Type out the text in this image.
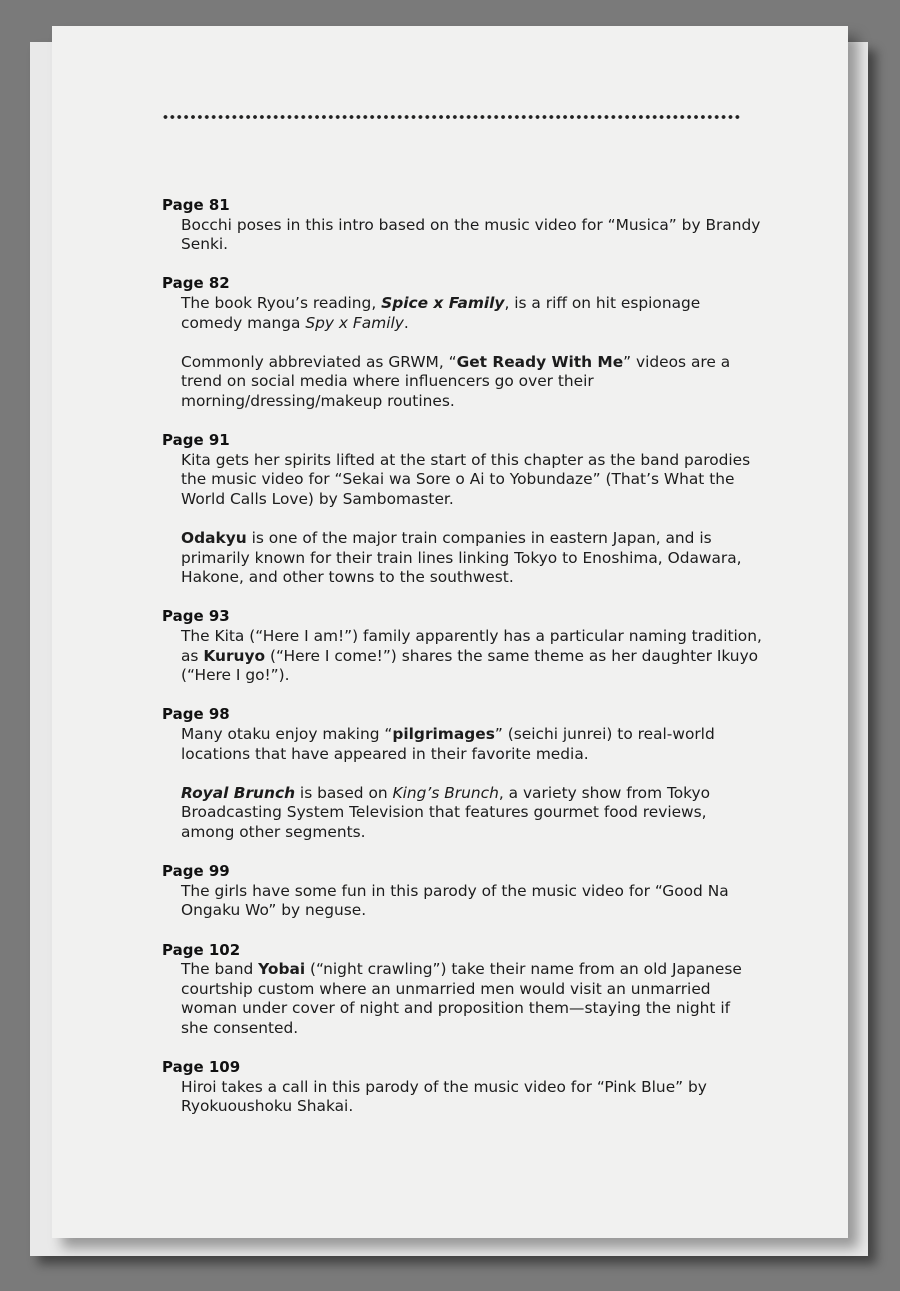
Page 81
Bocchi poses in this intro based on the music video for “Musica” by Brandy Senki.
Page 82
The book Ryou’s reading, Spice x Family, is a riff on hit espionage comedy manga Spy x Family.
Commonly abbreviated as GRWM, “Get Ready With Me” videos are a trend on social media where influencers go over their morning/dressing/makeup routines.
Page 91
Kita gets her spirits lifted at the start of this chapter as the band parodies the music video for “Sekai wa Sore o Ai to Yobundaze” (That’s What the World Calls Love) by Sambomaster.
Odakyu is one of the major train companies in eastern Japan, and is primarily known for their train lines linking Tokyo to Enoshima, Odawara, Hakone, and other towns to the southwest.
Page 93
The Kita (“Here I am!”) family apparently has a particular naming tradition, as Kuruyo (“Here I come!”) shares the same theme as her daughter Ikuyo (“Here I go!”).
Page 98
Many otaku enjoy making “pilgrimages” (seichi junrei) to real-world locations that have appeared in their favorite media.
Royal Brunch is based on King’s Brunch, a variety show from Tokyo Broadcasting System Television that features gourmet food reviews, among other segments.
Page 99
The girls have some fun in this parody of the music video for “Good Na Ongaku Wo” by neguse.
Page 102
The band Yobai (“night crawling”) take their name from an old Japanese courtship custom where an unmarried men would visit an unmarried woman under cover of night and proposition them—staying the night if she consented.
Page 109
Hiroi takes a call in this parody of the music video for “Pink Blue” by Ryokuoushoku Shakai.
